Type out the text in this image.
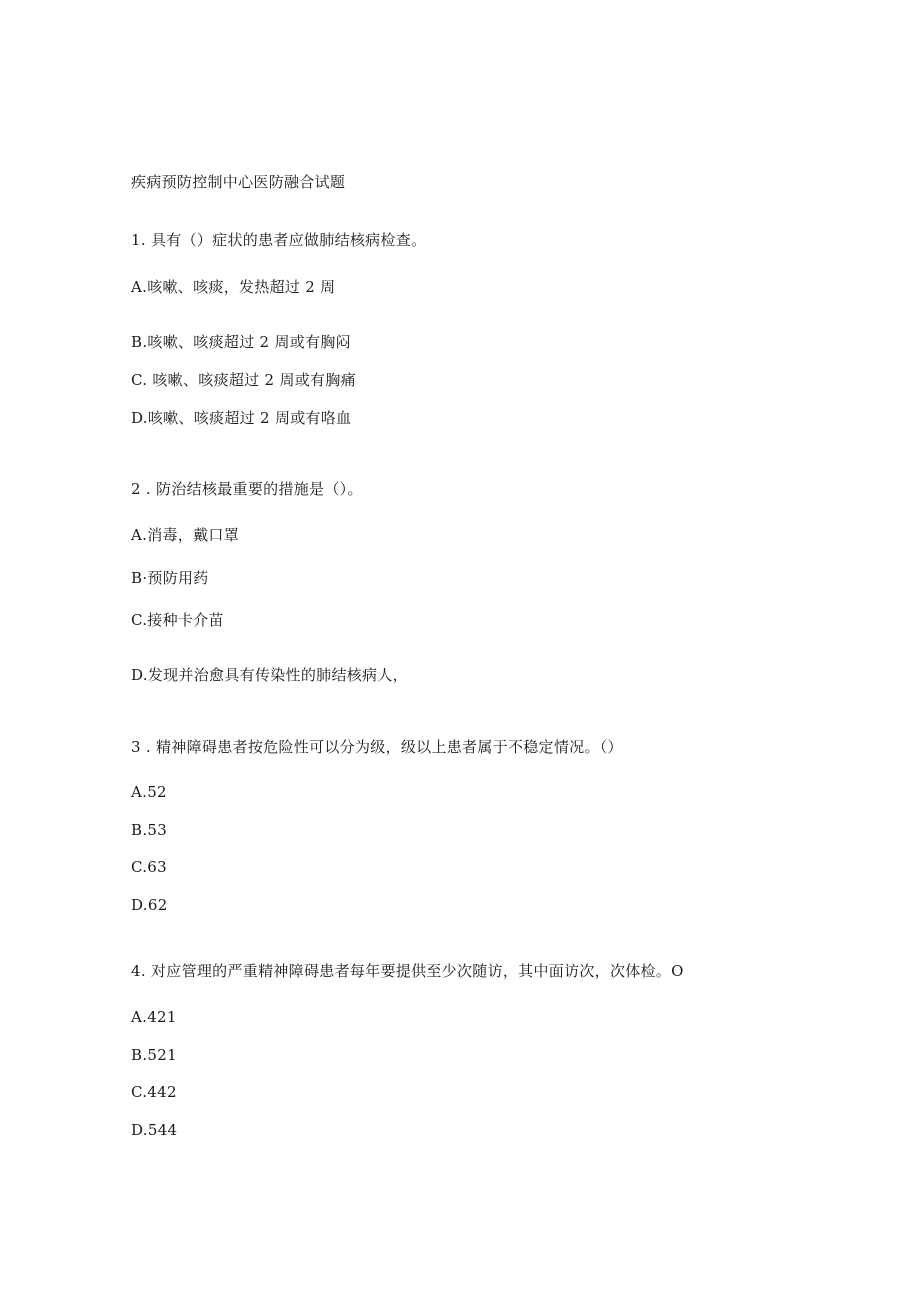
疾病预防控制中心医防融合试题
1. 具有（）症状的患者应做肺结核病检查。
A.咳嗽、咳痰，发热超过 2 周
B.咳嗽、咳痰超过 2 周或有胸闷
C. 咳嗽、咳痰超过 2 周或有胸痛
D.咳嗽、咳痰超过 2 周或有咯血
2 . 防治结核最重要的措施是（）。
A.消毒，戴口罩
B·预防用药
C.接种卡介苗
D.发现并治愈具有传染性的肺结核病人，
3 . 精神障碍患者按危险性可以分为级，级以上患者属于不稳定情况。（）
A.52
B.53
C.63
D.62
4. 对应管理的严重精神障碍患者每年要提供至少次随访，其中面访次，次体检。O
A.421
B.521
C.442
D.544
